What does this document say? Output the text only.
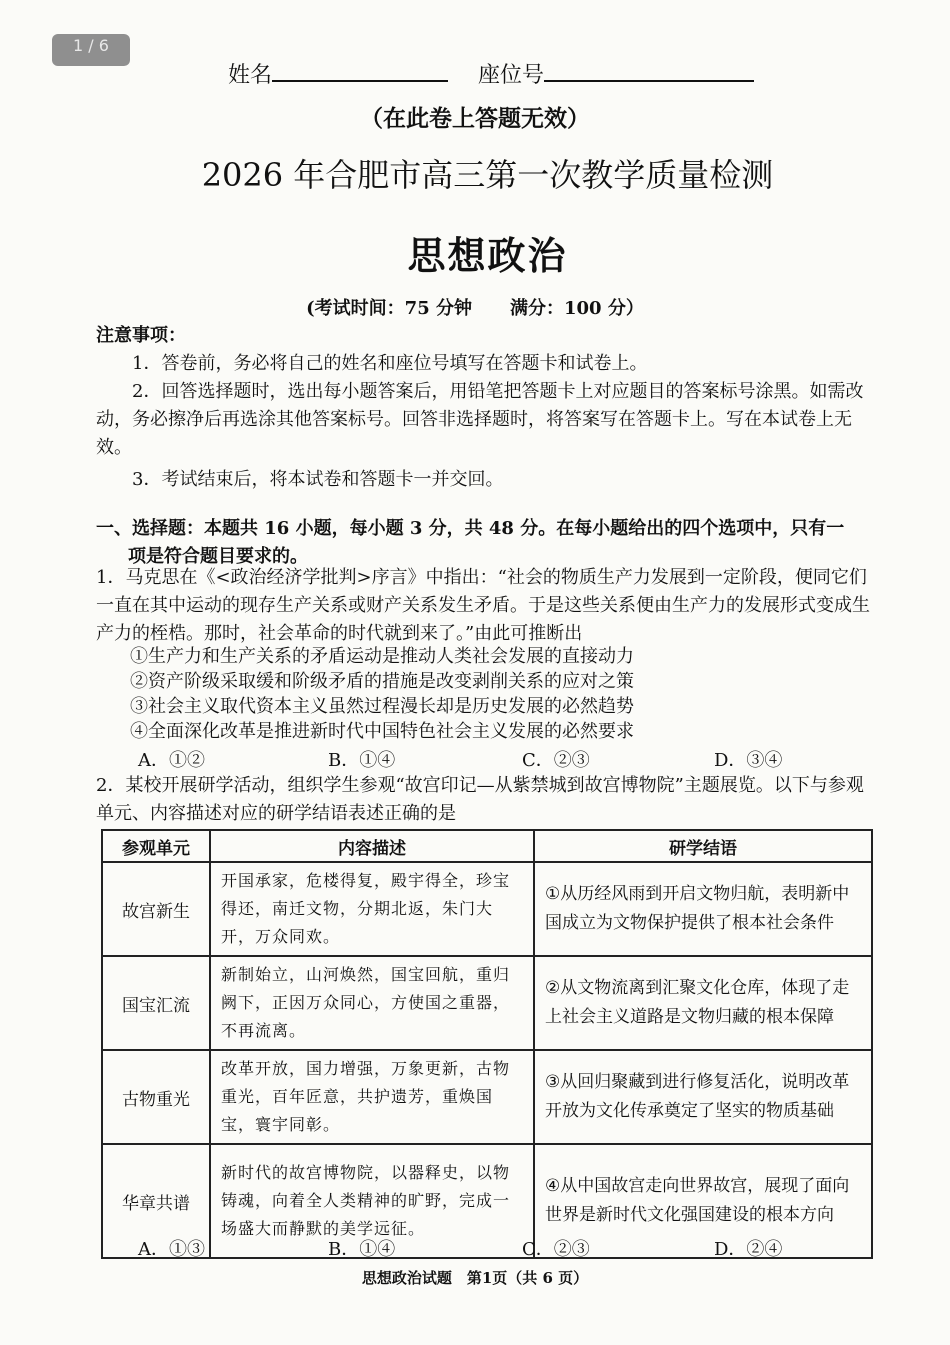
1 / 6
姓名	座位号
（在此卷上答题无效）
2026 年合肥市高三第一次教学质量检测
思想政治
(考试时间：75 分钟 满分：100 分）
注意事项：
1．答卷前，务必将自己的姓名和座位号填写在答题卡和试卷上。
2．回答选择题时，选出每小题答案后，用铅笔把答题卡上对应题目的答案标号涂黑。如需改动，务必擦净后再选涂其他答案标号。回答非选择题时，将答案写在答题卡上。写在本试卷上无效。
3．考试结束后，将本试卷和答题卡一并交回。
一、选择题：本题共 16 小题，每小题 3 分，共 48 分。在每小题给出的四个选项中，只有一
项是符合题目要求的。
1．马克思在《<政治经济学批判>序言》中指出：“社会的物质生产力发展到一定阶段，便同它们一直在其中运动的现存生产关系或财产关系发生矛盾。于是这些关系便由生产力的发展形式变成生产力的桎梏。那时，社会革命的时代就到来了。”由此可推断出
①生产力和生产关系的矛盾运动是推动人类社会发展的直接动力
②资产阶级采取缓和阶级矛盾的措施是改变剥削关系的应对之策
③社会主义取代资本主义虽然过程漫长却是历史发展的必然趋势
④全面深化改革是推进新时代中国特色社会主义发展的必然要求
A．①②	B．①④	C．②③	D．③④
2．某校开展研学活动，组织学生参观“故宫印记—从紫禁城到故宫博物院”主题展览。以下与参观单元、内容描述对应的研学结语表述正确的是
参观单元	内容描述	研学结语
故宫新生	开国承家，危楼得复，殿宇得全，珍宝得还，南迁文物，分期北返，朱门大开，万众同欢。	①从历经风雨到开启文物归航，表明新中国成立为文物保护提供了根本社会条件
国宝汇流	新制始立，山河焕然，国宝回航，重归阙下，正因万众同心，方使国之重器，不再流离。	②从文物流离到汇聚文化仓库，体现了走上社会主义道路是文物归藏的根本保障
古物重光	改革开放，国力增强，万象更新，古物重光，百年匠意，共护遗芳，重焕国宝，寰宇同彰。	③从回归聚藏到进行修复活化，说明改革开放为文化传承奠定了坚实的物质基础
华章共谱	新时代的故宫博物院，以器释史，以物铸魂，向着全人类精神的旷野，完成一场盛大而静默的美学远征。	④从中国故宫走向世界故宫，展现了面向世界是新时代文化强国建设的根本方向
A．①③	B．①④	C．②③	D．②④
思想政治试题　第1页（共 6 页）
